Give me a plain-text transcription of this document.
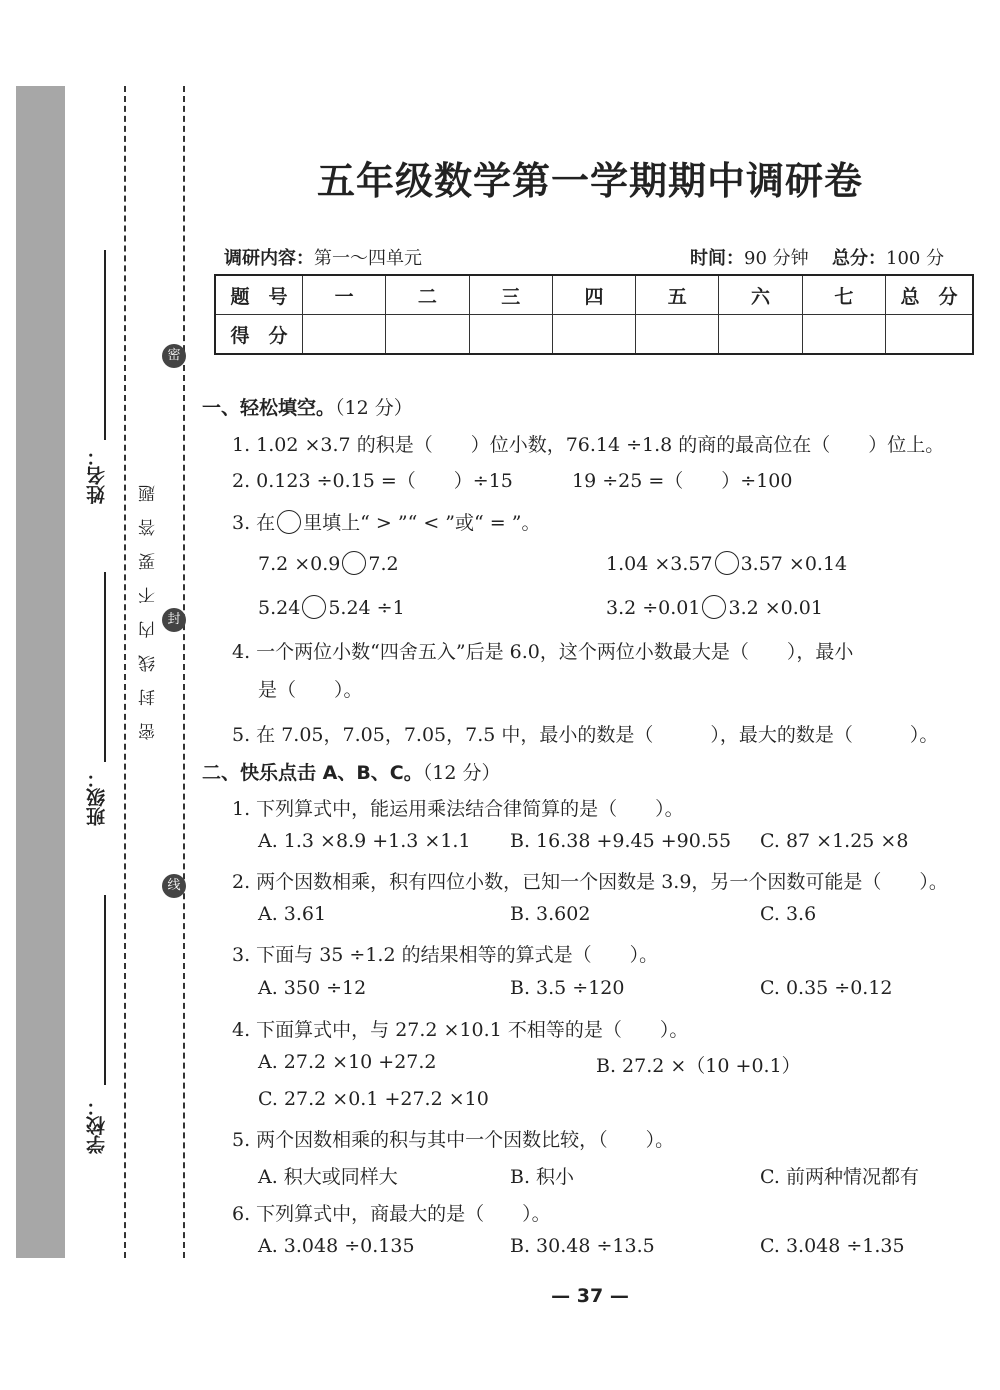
姓名：
班级：
学校：
密
封
线
密封线内不要答题
五年级数学第一学期期中调研卷
调研内容：第一～四单元	时间：90 分钟 总分：100 分
题　号	一	二	三	四	五	六	七	总　分
得　分								
一、轻松填空。（12 分）
1. 1.02 ×3.7 的积是（　　）位小数，76.14 ÷1.8 的商的最高位在（　　）位上。
2. 0.123 ÷0.15 =（　　）÷15	19 ÷25 =（　　）÷100
3. 在 里填上“ > ”“ < ”或“ = ”。
7.2 ×0.9 7.2	1.04 ×3.57 3.57 ×0.14
5.24 5.24 ÷1	3.2 ÷0.01 3.2 ×0.01
4. 一个两位小数“四舍五入”后是 6.0，这个两位小数最大是（　　），最小
是（　　）。
5. 在 7.05，7.05，7.05，7.5 中，最小的数是（　　　），最大的数是（　　　）。
二、快乐点击 A、B、C。（12 分）
1. 下列算式中，能运用乘法结合律简算的是（　　）。
A. 1.3 ×8.9 +1.3 ×1.1 B. 16.38 +9.45 +90.55 C. 87 ×1.25 ×8
2. 两个因数相乘，积有四位小数，已知一个因数是 3.9，另一个因数可能是（　　）。
A. 3.61	B. 3.602	C. 3.6
3. 下面与 35 ÷1.2 的结果相等的算式是（　　）。
A. 350 ÷12	B. 3.5 ÷120	C. 0.35 ÷0.12
4. 下面算式中，与 27.2 ×10.1 不相等的是（　　）。
A. 27.2 ×10 +27.2	B. 27.2 ×（10 +0.1）
C. 27.2 ×0.1 +27.2 ×10
5. 两个因数相乘的积与其中一个因数比较，（　　）。
A. 积大或同样大	B. 积小	C. 前两种情况都有
6. 下列算式中，商最大的是（　　）。
A. 3.048 ÷0.135	B. 30.48 ÷13.5	C. 3.048 ÷1.35
— 37 —
